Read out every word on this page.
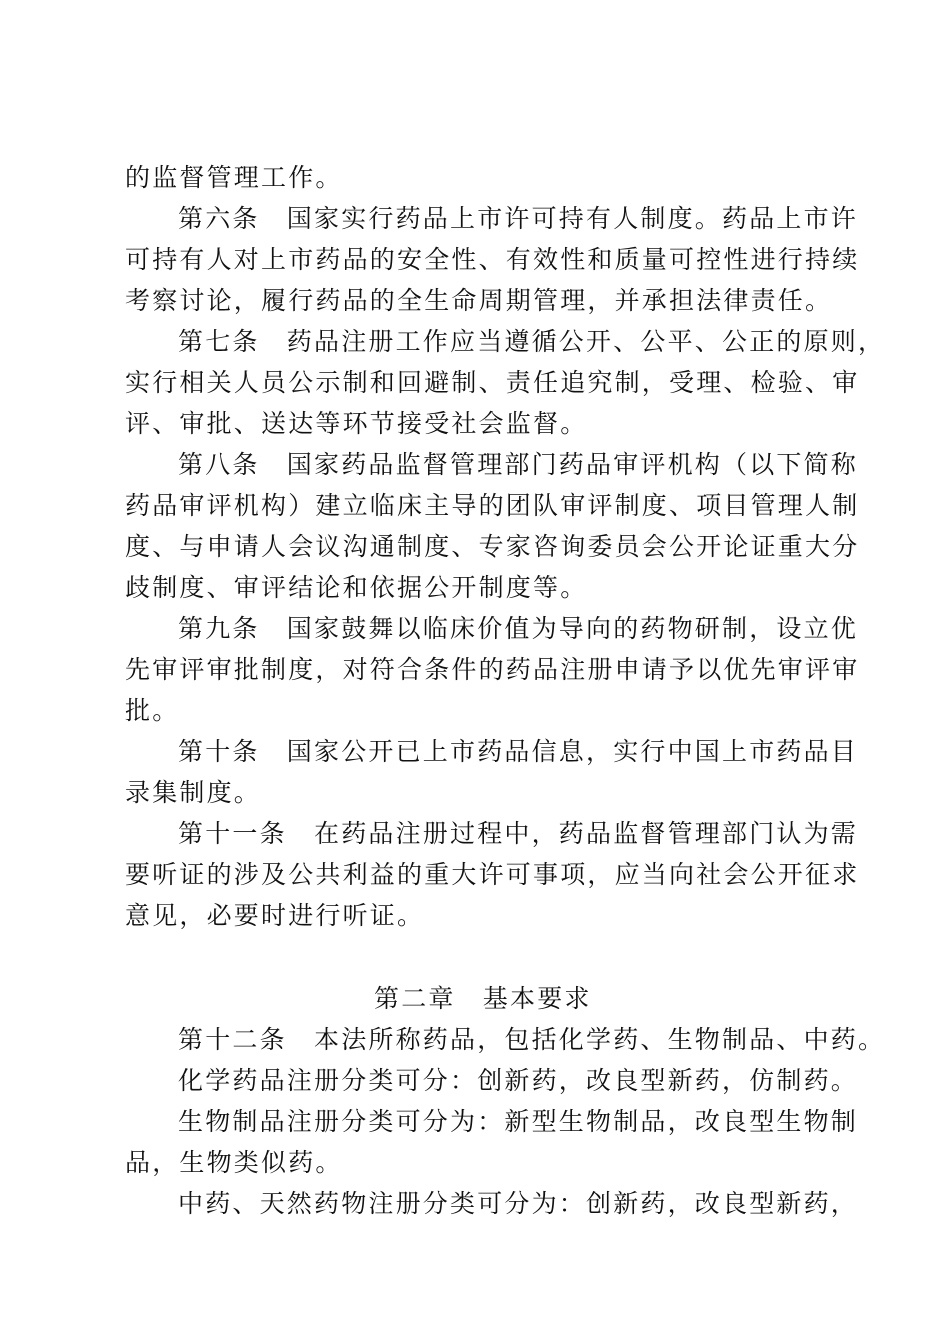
的监督管理工作。
第六条　国家实行药品上市许可持有人制度。药品上市许
可持有人对上市药品的安全性、有效性和质量可控性进行持续
考察讨论，履行药品的全生命周期管理，并承担法律责任。
第七条　药品注册工作应当遵循公开、公平、公正的原则，
实行相关人员公示制和回避制、责任追究制，受理、检验、审
评、审批、送达等环节接受社会监督。
第八条　国家药品监督管理部门药品审评机构（以下简称
药品审评机构）建立临床主导的团队审评制度、项目管理人制
度、与申请人会议沟通制度、专家咨询委员会公开论证重大分
歧制度、审评结论和依据公开制度等。
第九条　国家鼓舞以临床价值为导向的药物研制，设立优
先审评审批制度，对符合条件的药品注册申请予以优先审评审
批。
第十条　国家公开已上市药品信息，实行中国上市药品目
录集制度。
第十一条　在药品注册过程中，药品监督管理部门认为需
要听证的涉及公共利益的重大许可事项，应当向社会公开征求
意见，必要时进行听证。
第二章　基本要求
第十二条　本法所称药品，包括化学药、生物制品、中药。
化学药品注册分类可分：创新药，改良型新药，仿制药。
生物制品注册分类可分为：新型生物制品，改良型生物制
品，生物类似药。
中药、天然药物注册分类可分为：创新药，改良型新药，
